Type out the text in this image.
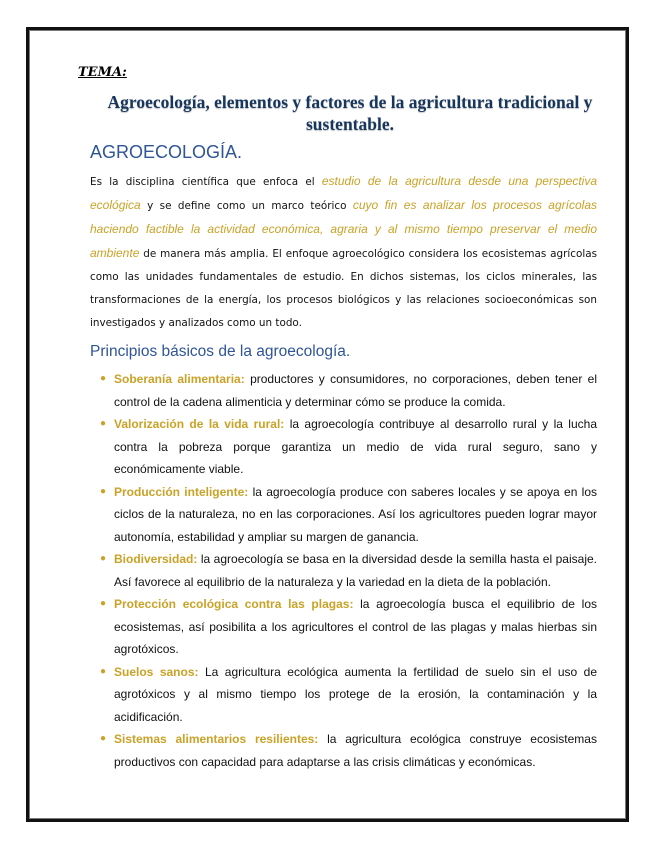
TEMA:
Agroecología, elementos y factores de la agricultura tradicional y
sustentable.
AGROECOLOGÍA.
Es la disciplina científica que enfoca el estudio de la agricultura desde una perspectiva ecológica y se define como un marco teórico cuyo fin es analizar los procesos agrícolas haciendo factible la actividad económica, agraria y al mismo tiempo preservar el medio ambiente de manera más amplia. El enfoque agroecológico considera los ecosistemas agrícolas como las unidades fundamentales de estudio. En dichos sistemas, los ciclos minerales, las transformaciones de la energía, los procesos biológicos y las relaciones socioeconómicas son investigados y analizados como un todo.
Principios básicos de la agroecología.
● Soberanía alimentaria: productores y consumidores, no corporaciones, deben tener el control de la cadena alimenticia y determinar cómo se produce la comida.
● Valorización de la vida rural: la agroecología contribuye al desarrollo rural y la lucha contra la pobreza porque garantiza un medio de vida rural seguro, sano y económicamente viable.
● Producción inteligente: la agroecología produce con saberes locales y se apoya en los ciclos de la naturaleza, no en las corporaciones. Así los agricultores pueden lograr mayor autonomía, estabilidad y ampliar su margen de ganancia.
● Biodiversidad: la agroecología se basa en la diversidad desde la semilla hasta el paisaje. Así favorece al equilibrio de la naturaleza y la variedad en la dieta de la población.
● Protección ecológica contra las plagas: la agroecología busca el equilibrio de los ecosistemas, así posibilita a los agricultores el control de las plagas y malas hierbas sin agrotóxicos.
● Suelos sanos: La agricultura ecológica aumenta la fertilidad de suelo sin el uso de agrotóxicos y al mismo tiempo los protege de la erosión, la contaminación y la acidificación.
● Sistemas alimentarios resilientes: la agricultura ecológica construye ecosistemas productivos con capacidad para adaptarse a las crisis climáticas y económicas.
